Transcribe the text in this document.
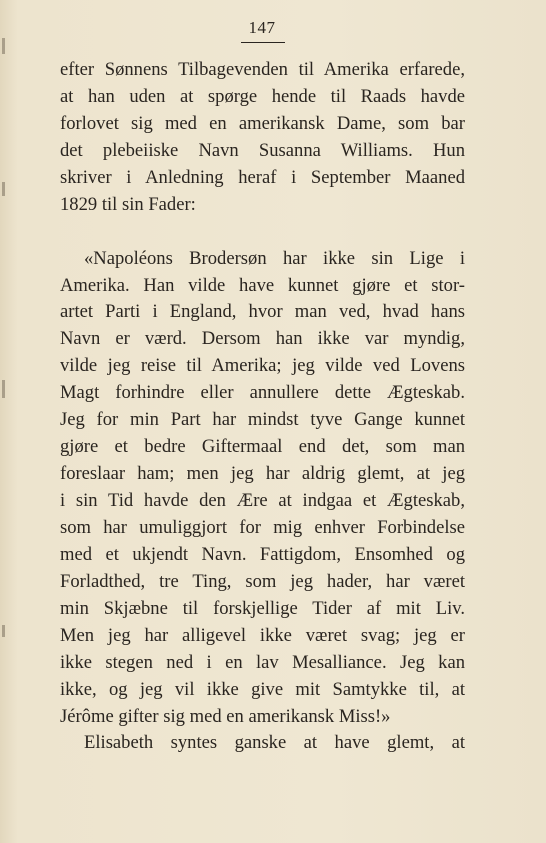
147
efter Sønnens Tilbagevenden til Amerika erfarede,
at han uden at spørge hende til Raads havde
forlovet sig med en amerikansk Dame, som bar
det plebeiiske Navn Susanna Williams. Hun
skriver i Anledning heraf i September Maaned
1829 til sin Fader:
«Napoléons Brodersøn har ikke sin Lige i
Amerika. Han vilde have kunnet gjøre et stor-
artet Parti i England, hvor man ved, hvad hans
Navn er værd. Dersom han ikke var myndig,
vilde jeg reise til Amerika; jeg vilde ved Lovens
Magt forhindre eller annullere dette Ægteskab.
Jeg for min Part har mindst tyve Gange kunnet
gjøre et bedre Giftermaal end det, som man
foreslaar ham; men jeg har aldrig glemt, at jeg
i sin Tid havde den Ære at indgaa et Ægteskab,
som har umuliggjort for mig enhver Forbindelse
med et ukjendt Navn. Fattigdom, Ensomhed og
Forladthed, tre Ting, som jeg hader, har været
min Skjæbne til forskjellige Tider af mit Liv.
Men jeg har alligevel ikke været svag; jeg er
ikke stegen ned i en lav Mesalliance. Jeg kan
ikke, og jeg vil ikke give mit Samtykke til, at
Jérôme gifter sig med en amerikansk Miss!»
Elisabeth syntes ganske at have glemt, at
